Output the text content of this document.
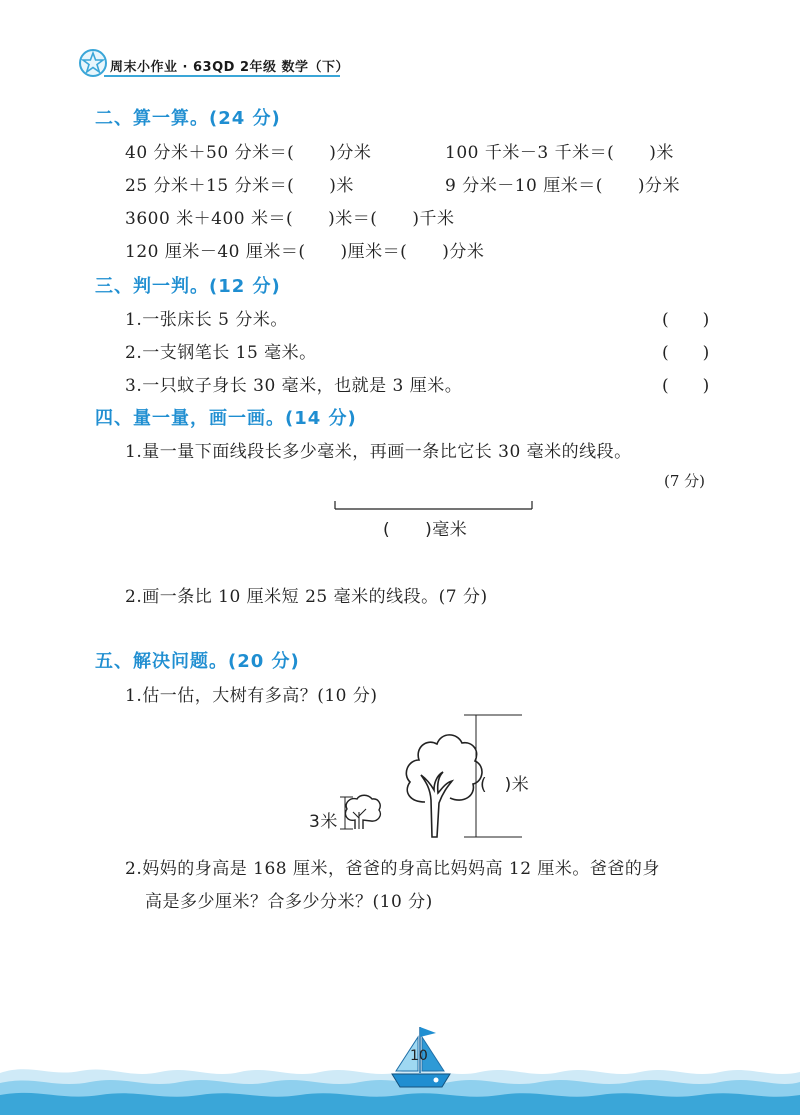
周末小作业 · 63QD 2年级 数学（下）
二、算一算。(24 分)
40 分米＋50 分米＝(　　)分米	100 千米－3 千米＝(　　)米
25 分米＋15 分米＝(　　)米	9 分米－10 厘米＝(　　)分米
3600 米＋400 米＝(　　)米＝(　　)千米
120 厘米－40 厘米＝(　　)厘米＝(　　)分米
三、判一判。(12 分)
1.一张床长 5 分米。	(　　)
2.一支钢笔长 15 毫米。	(　　)
3.一只蚊子身长 30 毫米，也就是 3 厘米。	(　　)
四、量一量，画一画。(14 分)
1.量一量下面线段长多少毫米，再画一条比它长 30 毫米的线段。
(7 分)
(　　)毫米
2.画一条比 10 厘米短 25 毫米的线段。(7 分)
五、解决问题。(20 分)
1.估一估，大树有多高？(10 分)
3米
(　)米
2.妈妈的身高是 168 厘米，爸爸的身高比妈妈高 12 厘米。爸爸的身
高是多少厘米？合多少分米？(10 分)
10
